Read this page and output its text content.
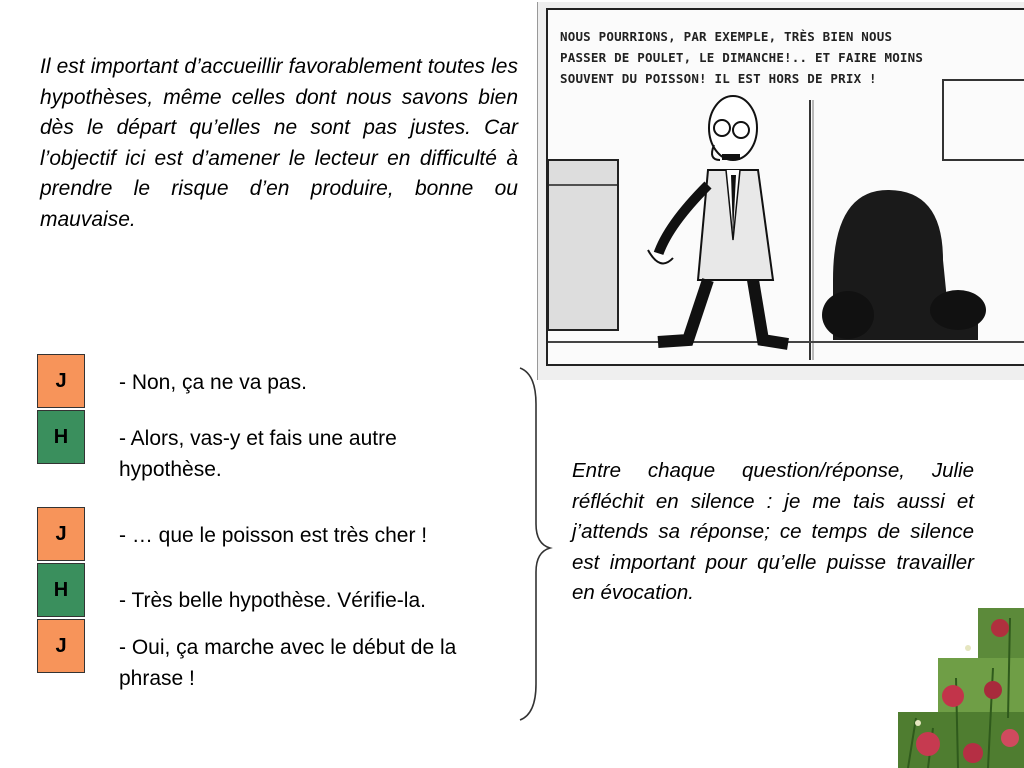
Il est important d’accueillir favorablement toutes les hypothèses, même celles dont nous savons bien dès le départ qu’elles ne sont pas justes. Car l’objectif ici est d’amener le lecteur en difficulté à prendre le risque d’en produire, bonne ou mauvaise.

NOUS POURRIONS, PAR EXEMPLE, TRÈS BIEN NOUS
PASSER DE POULET, LE DIMANCHE!.. ET FAIRE MOINS
SOUVENT DU POISSON! IL EST HORS DE PRIX !

J
H
J
H
J

- Non, ça ne va pas.

- Alors, vas-y et fais une autre hypothèse.

- … que le poisson est très cher !

- Très belle hypothèse. Vérifie-la.

- Oui, ça marche avec le début de la phrase !

Entre chaque question/réponse, Julie réfléchit en silence : je me tais aussi et j’attends sa réponse; ce temps de silence est important pour qu’elle puisse travailler en évocation.
